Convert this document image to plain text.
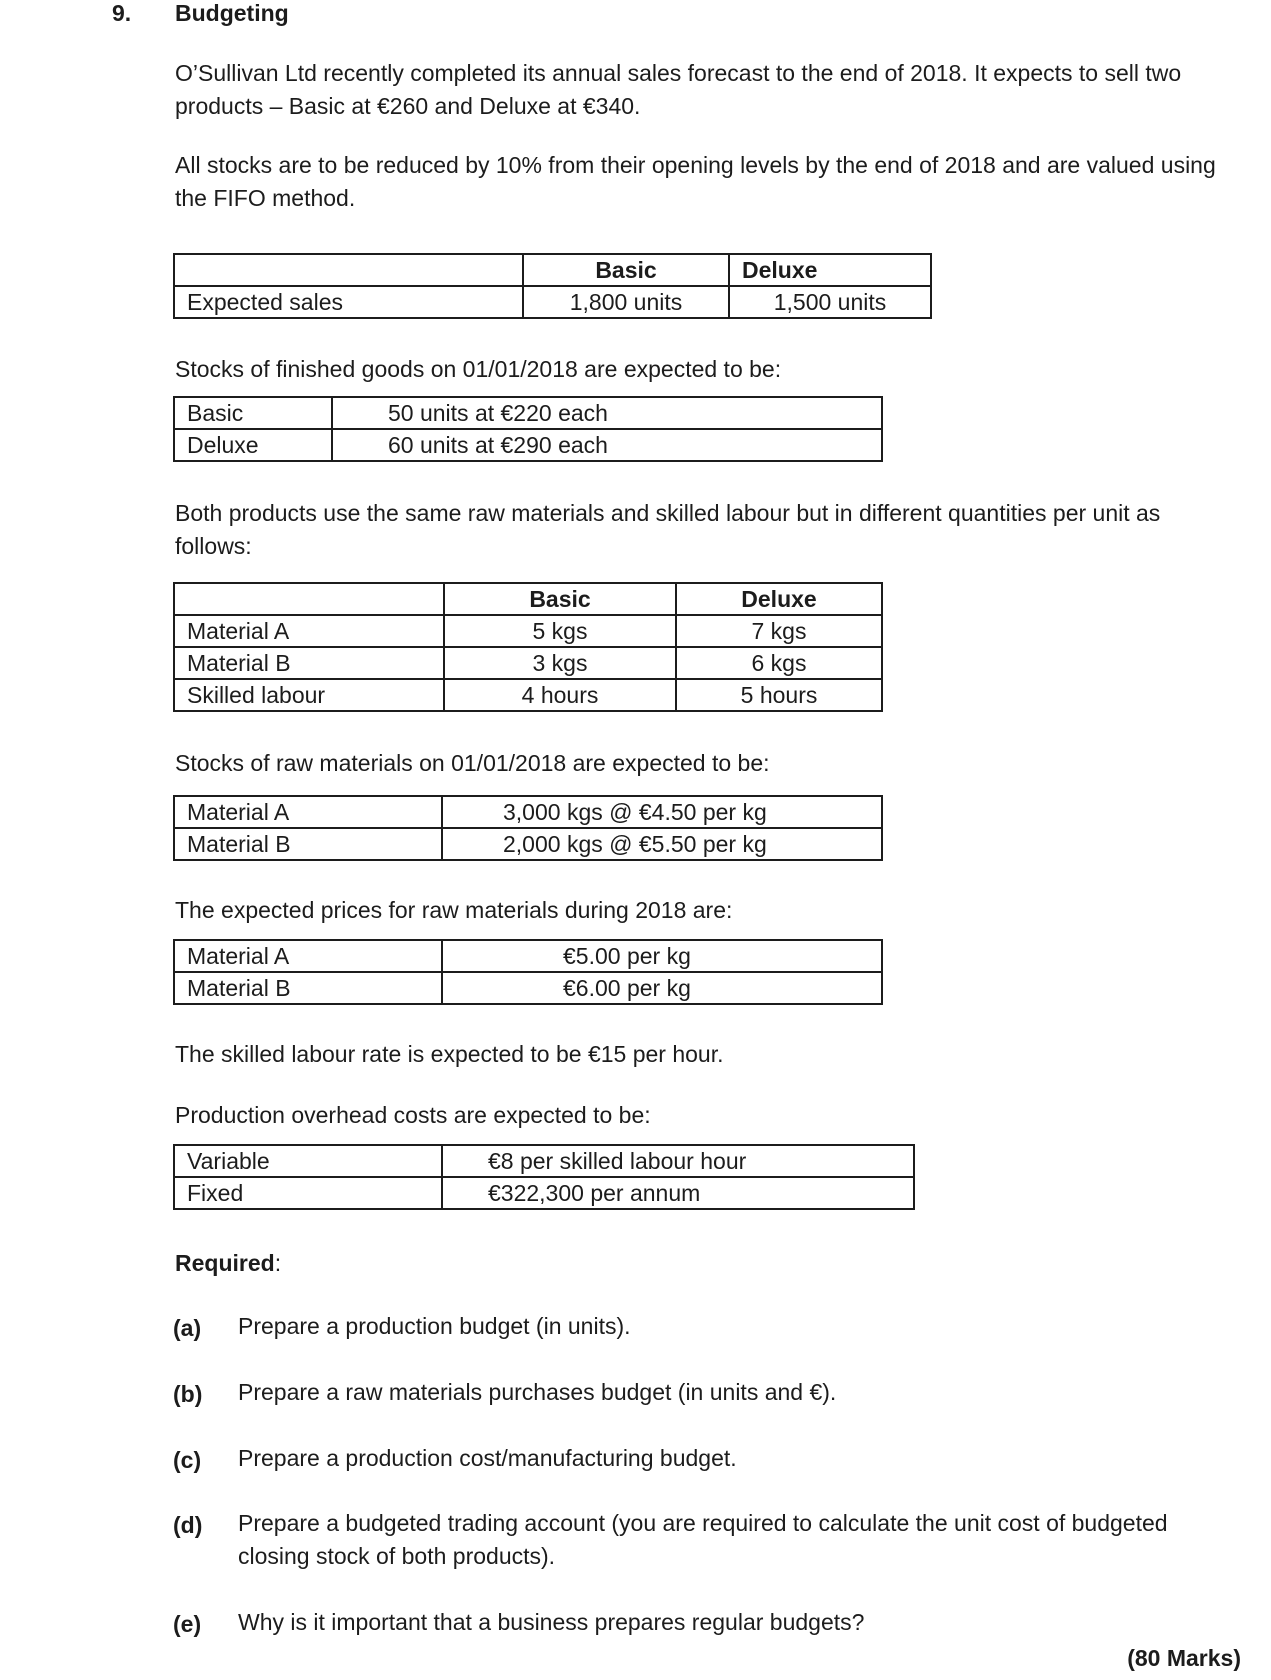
9. Budgeting
O’Sullivan Ltd recently completed its annual sales forecast to the end of 2018. It expects to sell two products – Basic at €260 and Deluxe at €340.
All stocks are to be reduced by 10% from their opening levels by the end of 2018 and are valued using the FIFO method.
	Basic	Deluxe
Expected sales	1,800 units	1,500 units
Stocks of finished goods on 01/01/2018 are expected to be:
Basic	50 units at €220 each
Deluxe	60 units at €290 each
Both products use the same raw materials and skilled labour but in different quantities per unit as follows:
	Basic	Deluxe
Material A	5 kgs	7 kgs
Material B	3 kgs	6 kgs
Skilled labour	4 hours	5 hours
Stocks of raw materials on 01/01/2018 are expected to be:
Material A	3,000 kgs @ €4.50 per kg
Material B	2,000 kgs @ €5.50 per kg
The expected prices for raw materials during 2018 are:
Material A	€5.00 per kg
Material B	€6.00 per kg
The skilled labour rate is expected to be €15 per hour.
Production overhead costs are expected to be:
Variable	€8 per skilled labour hour
Fixed	€322,300 per annum
Required:
(a) Prepare a production budget (in units).
(b) Prepare a raw materials purchases budget (in units and €).
(c) Prepare a production cost/manufacturing budget.
(d) Prepare a budgeted trading account (you are required to calculate the unit cost of budgeted closing stock of both products).
(e) Why is it important that a business prepares regular budgets?
(80 Marks)
